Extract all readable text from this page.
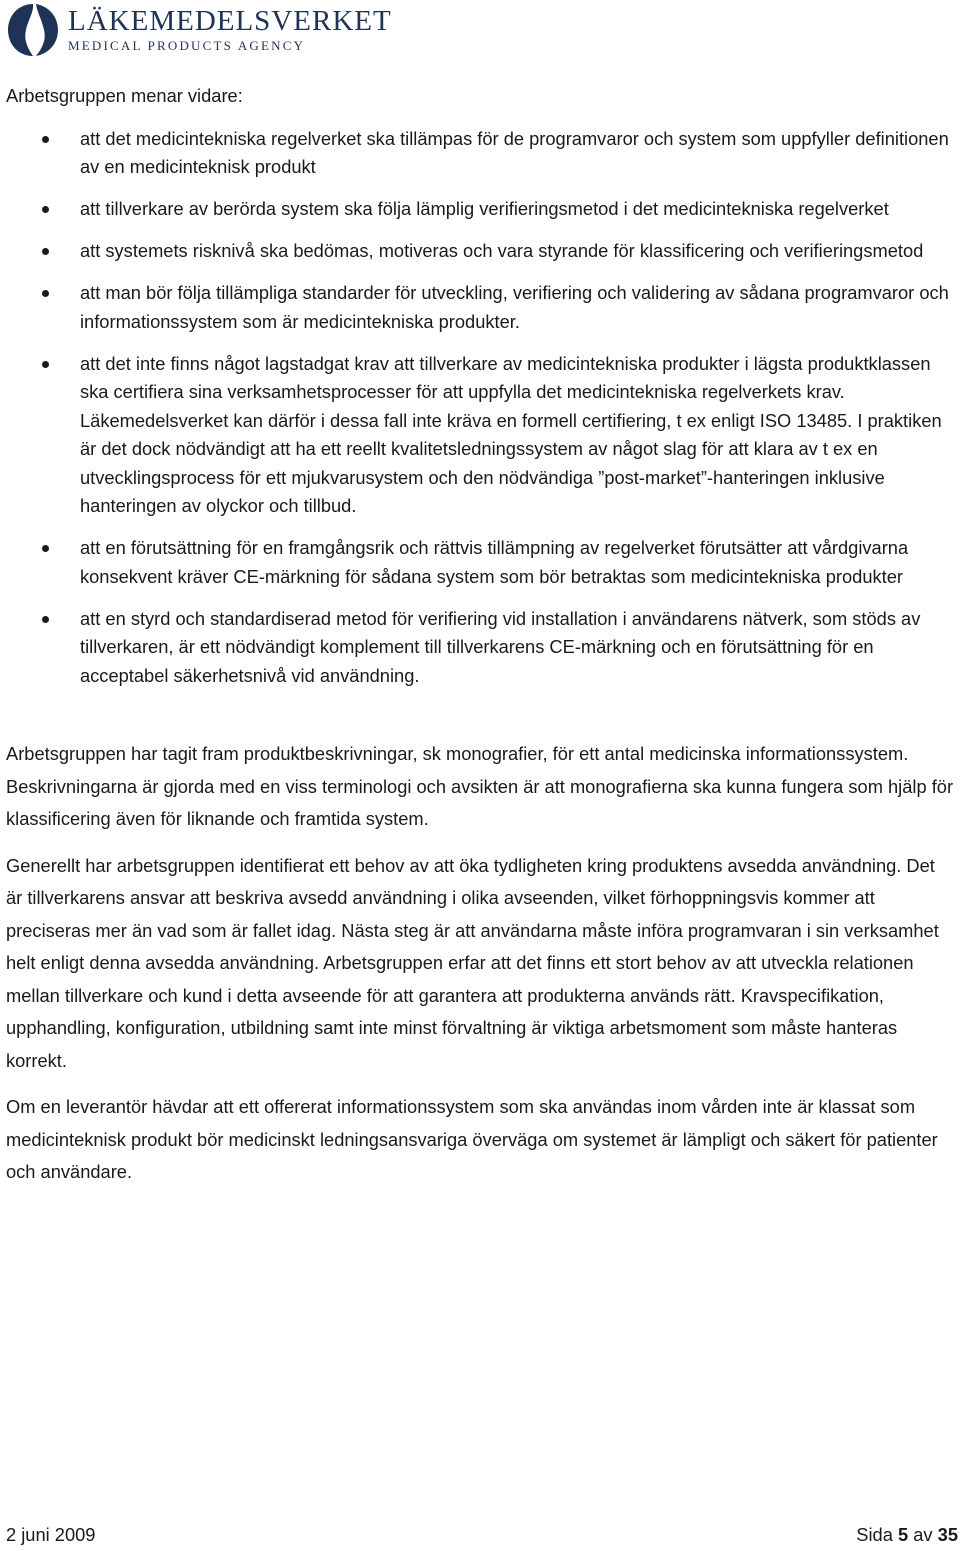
LÄKEMEDELSVERKET
MEDICAL PRODUCTS AGENCY

Arbetsgruppen menar vidare:

att det medicintekniska regelverket ska tillämpas för de programvaror och system som uppfyller definitionen av en medicinteknisk produkt
att tillverkare av berörda system ska följa lämplig verifieringsmetod i det medicintekniska regelverket
att systemets risknivå ska bedömas, motiveras och vara styrande för klassificering och verifieringsmetod
att man bör följa tillämpliga standarder för utveckling, verifiering och validering av sådana programvaror och informationssystem som är medicintekniska produkter.
att det inte finns något lagstadgat krav att tillverkare av medicintekniska produkter i lägsta produktklassen ska certifiera sina verksamhetsprocesser för att uppfylla det medicintekniska regelverkets krav. Läkemedelsverket kan därför i dessa fall inte kräva en formell certifiering, t ex enligt ISO 13485. I praktiken är det dock nödvändigt att ha ett reellt kvalitetsledningssystem av något slag för att klara av t ex en utvecklingsprocess för ett mjukvarusystem och den nödvändiga ”post-market”-hanteringen inklusive hanteringen av olyckor och tillbud.
att en förutsättning för en framgångsrik och rättvis tillämpning av regelverket förutsätter att vårdgivarna konsekvent kräver CE-märkning för sådana system som bör betraktas som medicintekniska produkter
att en styrd och standardiserad metod för verifiering vid installation i användarens nätverk, som stöds av tillverkaren, är ett nödvändigt komplement till tillverkarens CE-märkning och en förutsättning för en acceptabel säkerhetsnivå vid användning.

Arbetsgruppen har tagit fram produktbeskrivningar, sk monografier, för ett antal medicinska informationssystem. Beskrivningarna är gjorda med en viss terminologi och avsikten är att monografierna ska kunna fungera som hjälp för klassificering även för liknande och framtida system.

Generellt har arbetsgruppen identifierat ett behov av att öka tydligheten kring produktens avsedda användning. Det är tillverkarens ansvar att beskriva avsedd användning i olika avseenden, vilket förhoppningsvis kommer att preciseras mer än vad som är fallet idag. Nästa steg är att användarna måste införa programvaran i sin verksamhet helt enligt denna avsedda användning. Arbetsgruppen erfar att det finns ett stort behov av att utveckla relationen mellan tillverkare och kund i detta avseende för att garantera att produkterna används rätt. Kravspecifikation, upphandling, konfiguration, utbildning samt inte minst förvaltning är viktiga arbetsmoment som måste hanteras korrekt.

Om en leverantör hävdar att ett offererat informationssystem som ska användas inom vården inte är klassat som medicinteknisk produkt bör medicinskt ledningsansvariga överväga om systemet är lämpligt och säkert för patienter och användare.

2 juni 2009	Sida 5 av 35
